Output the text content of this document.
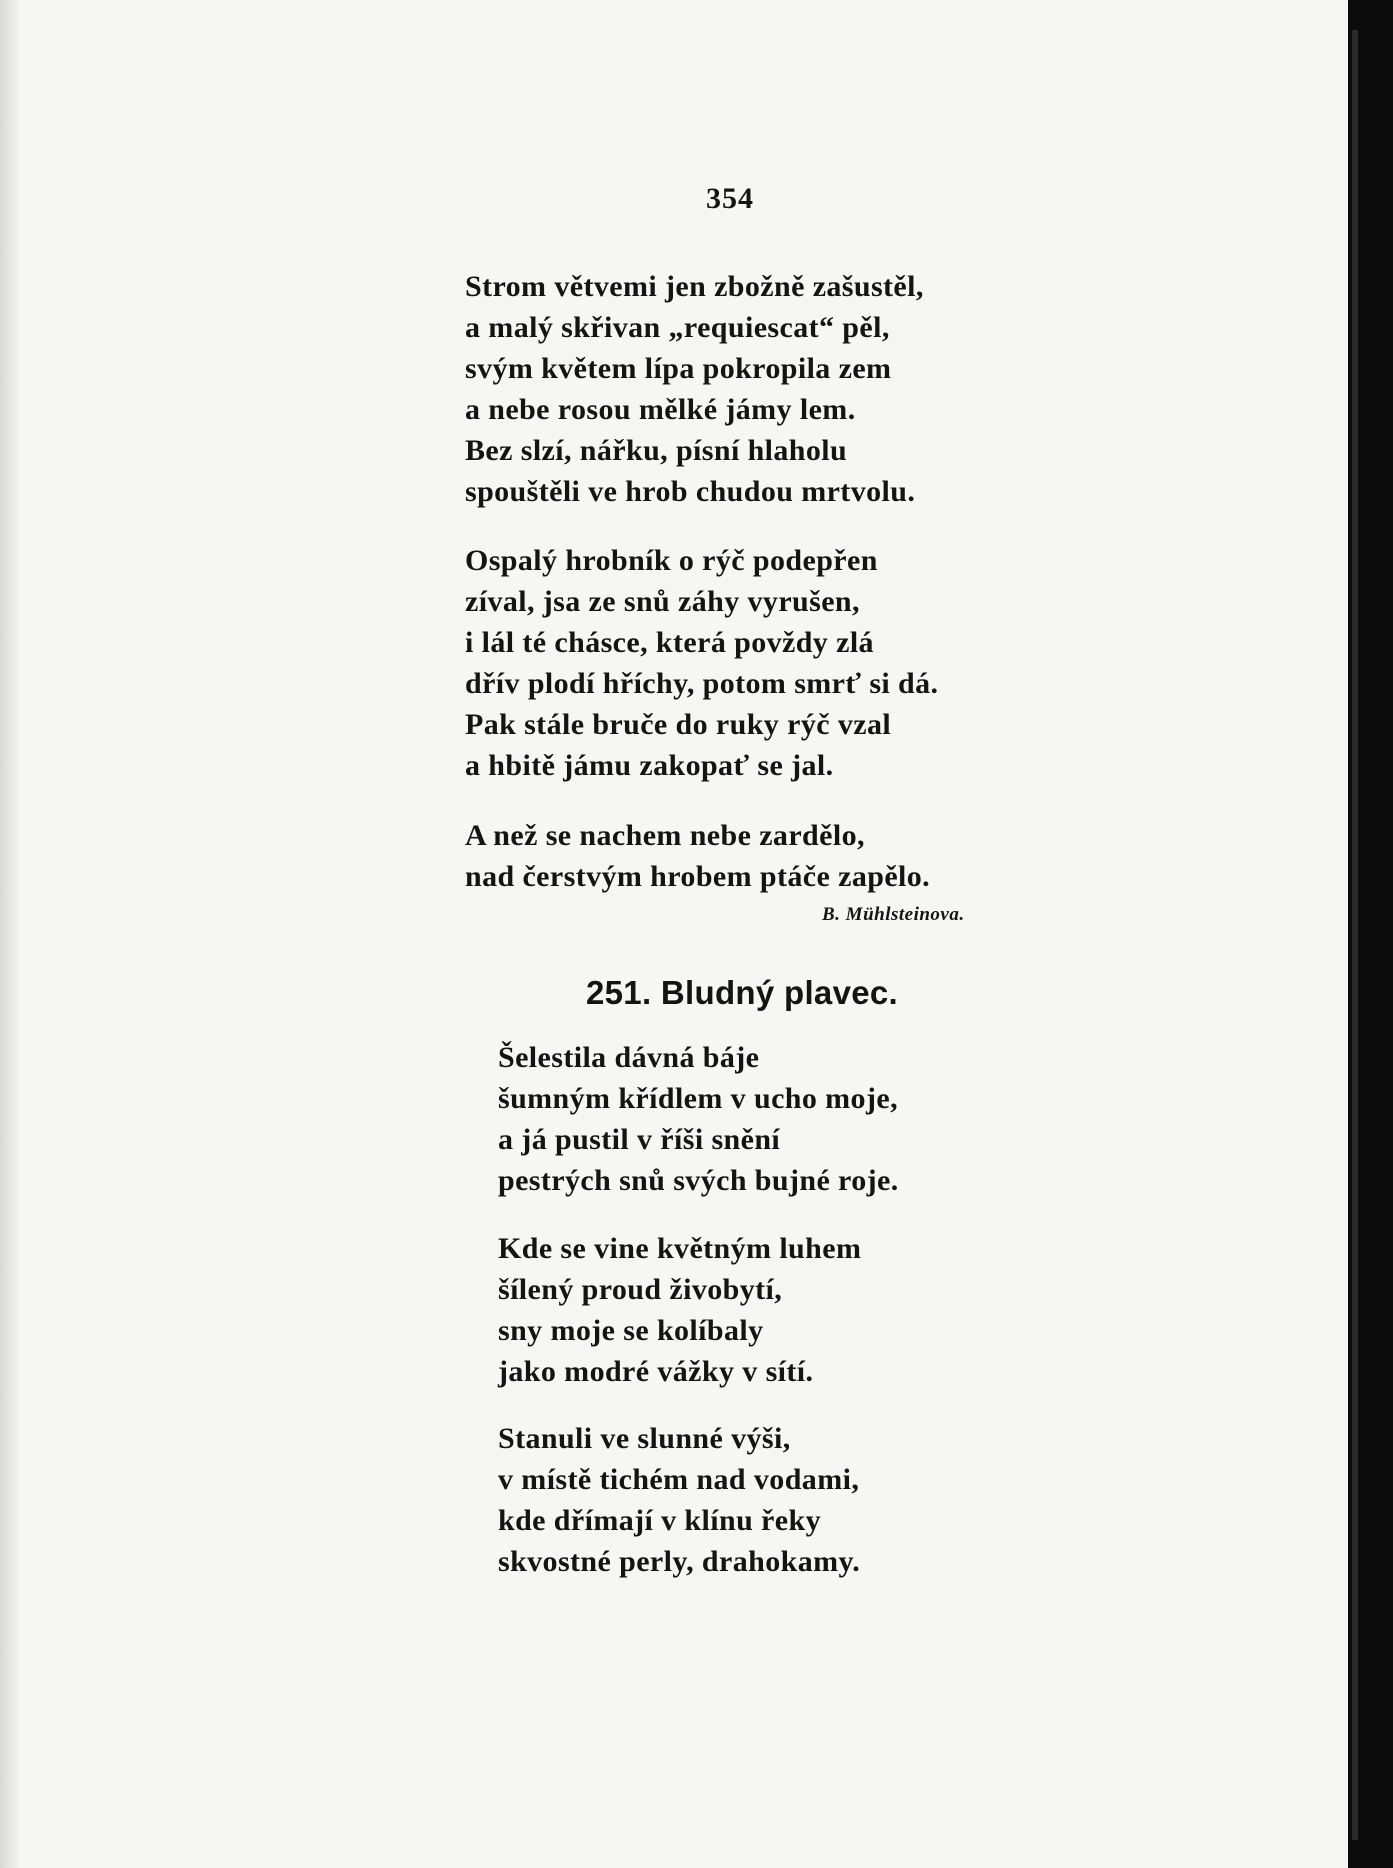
354
Strom větvemi jen zbožně zašustěl,
a malý skřivan „requiescat“ pěl,
svým květem lípa pokropila zem
a nebe rosou mělké jámy lem.
Bez slzí, nářku, písní hlaholu
spouštěli ve hrob chudou mrtvolu.
Ospalý hrobník o rýč podepřen
zíval, jsa ze snů záhy vyrušen,
i lál té chásce, která povždy zlá
dřív plodí hříchy, potom smrť si dá.
Pak stále bruče do ruky rýč vzal
a hbitě jámu zakopať se jal.
A než se nachem nebe zardělo,
nad čerstvým hrobem ptáče zapělo.
B. Mühlsteinova.
251. Bludný plavec.
Šelestila dávná báje
šumným křídlem v ucho moje,
a já pustil v říši snění
pestrých snů svých bujné roje.
Kde se vine květným luhem
šílený proud živobytí,
sny moje se kolíbaly
jako modré vážky v sítí.
Stanuli ve slunné výši,
v místě tichém nad vodami,
kde dřímají v klínu řeky
skvostné perly, drahokamy.
